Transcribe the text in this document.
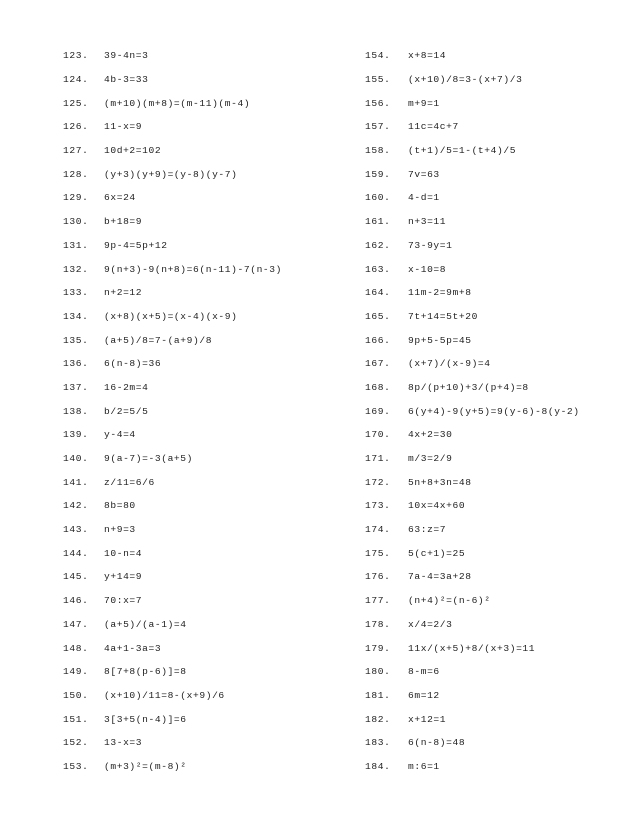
123.	39-4n=3
124.	4b-3=33
125.	(m+10)(m+8)=(m-11)(m-4)
126.	11-x=9
127.	10d+2=102
128.	(y+3)(y+9)=(y-8)(y-7)
129.	6x=24
130.	b+18=9
131.	9p-4=5p+12
132.	9(n+3)-9(n+8)=6(n-11)-7(n-3)
133.	n+2=12
134.	(x+8)(x+5)=(x-4)(x-9)
135.	(a+5)/8=7-(a+9)/8
136.	6(n-8)=36
137.	16-2m=4
138.	b/2=5/5
139.	y-4=4
140.	9(a-7)=-3(a+5)
141.	z/11=6/6
142.	8b=80
143.	n+9=3
144.	10-n=4
145.	y+14=9
146.	70:x=7
147.	(a+5)/(a-1)=4
148.	4a+1-3a=3
149.	8[7+8(p-6)]=8
150.	(x+10)/11=8-(x+9)/6
151.	3[3+5(n-4)]=6
152.	13-x=3
153.	(m+3)²=(m-8)²
154.	x+8=14
155.	(x+10)/8=3-(x+7)/3
156.	m+9=1
157.	11c=4c+7
158.	(t+1)/5=1-(t+4)/5
159.	7v=63
160.	4-d=1
161.	n+3=11
162.	73-9y=1
163.	x-10=8
164.	11m-2=9m+8
165.	7t+14=5t+20
166.	9p+5-5p=45
167.	(x+7)/(x-9)=4
168.	8p/(p+10)+3/(p+4)=8
169.	6(y+4)-9(y+5)=9(y-6)-8(y-2)
170.	4x+2=30
171.	m/3=2/9
172.	5n+8+3n=48
173.	10x=4x+60
174.	63:z=7
175.	5(c+1)=25
176.	7a-4=3a+28
177.	(n+4)²=(n-6)²
178.	x/4=2/3
179.	11x/(x+5)+8/(x+3)=11
180.	8-m=6
181.	6m=12
182.	x+12=1
183.	6(n-8)=48
184.	m:6=1
